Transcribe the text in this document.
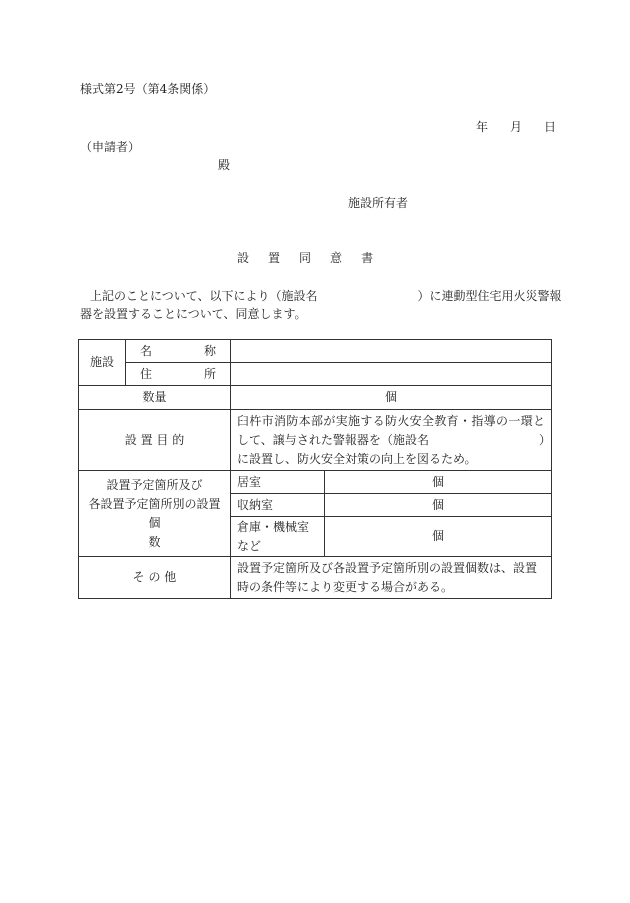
様式第2号（第4条関係）
年 月 日
（申請者）
殿
施設所有者
設 置 同 意 書
上記のことについて、以下により（施設名	）に連動型住宅用火災警報
器を設置することについて、同意します。
施設	名 称		

	住 所		

数量		個	
設 置 目 的		臼杵市消防本部が実施する防火安全教育・指導の一環として、譲与された警報器を（施設名 ）に設置し、防火安全対策の向上を図るため。	

設置予定箇所及び
各設置予定箇所別の設置個
数		居室	個
		収納室	個
		倉庫・機械室など	個
そ の 他		設置予定箇所及び各設置予定箇所別の設置個数は、設置時の条件等により変更する場合がある。	
